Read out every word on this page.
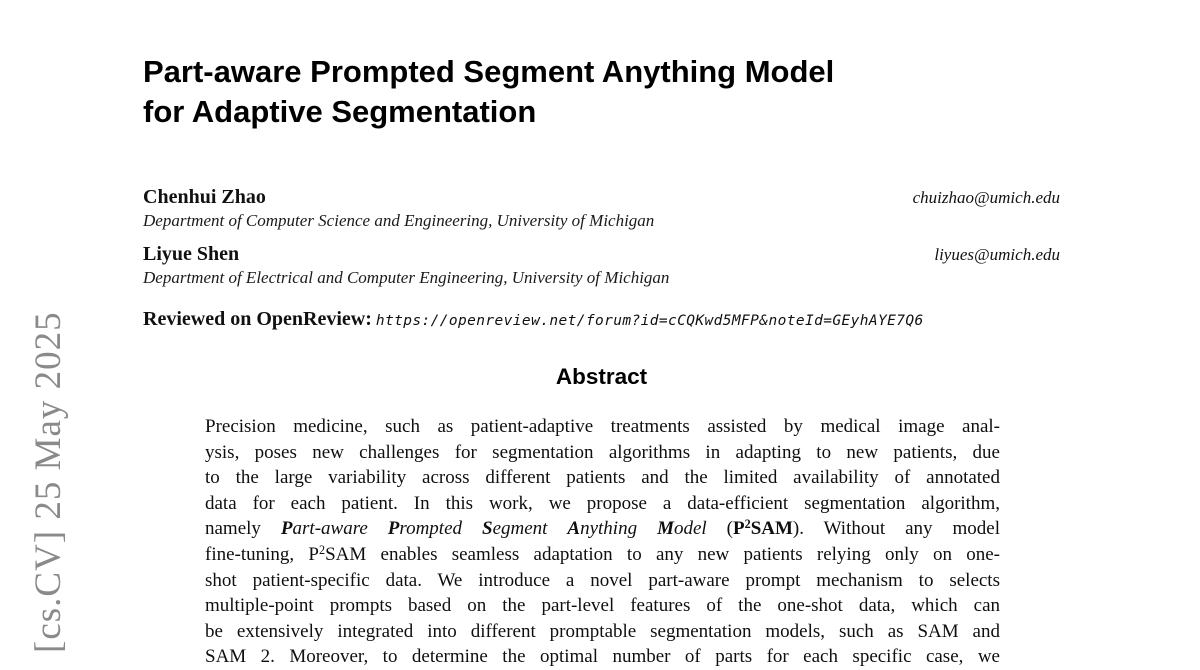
[cs.CV] 25 May 2025
Part-aware Prompted Segment Anything Model
for Adaptive Segmentation
Chenhui Zhao	chuizhao@umich.edu
Department of Computer Science and Engineering, University of Michigan
Liyue Shen	liyues@umich.edu
Department of Electrical and Computer Engineering, University of Michigan
Reviewed on OpenReview: https://openreview.net/forum?id=cCQKwd5MFP&noteId=GEyhAYE7Q6
Abstract
Precision medicine, such as patient-adaptive treatments assisted by medical image anal-
ysis, poses new challenges for segmentation algorithms in adapting to new patients, due
to the large variability across different patients and the limited availability of annotated
data for each patient. In this work, we propose a data-efficient segmentation algorithm,
namely Part-aware Prompted Segment Anything Model $(P^2SAM)$. Without any model
fine-tuning, $P^2SAM$ enables seamless adaptation to any new patients relying only on one-
shot patient-specific data. We introduce a novel part-aware prompt mechanism to selects
multiple-point prompts based on the part-level features of the one-shot data, which can
be extensively integrated into different promptable segmentation models, such as SAM and
SAM 2. Moreover, to determine the optimal number of parts for each specific case, we
